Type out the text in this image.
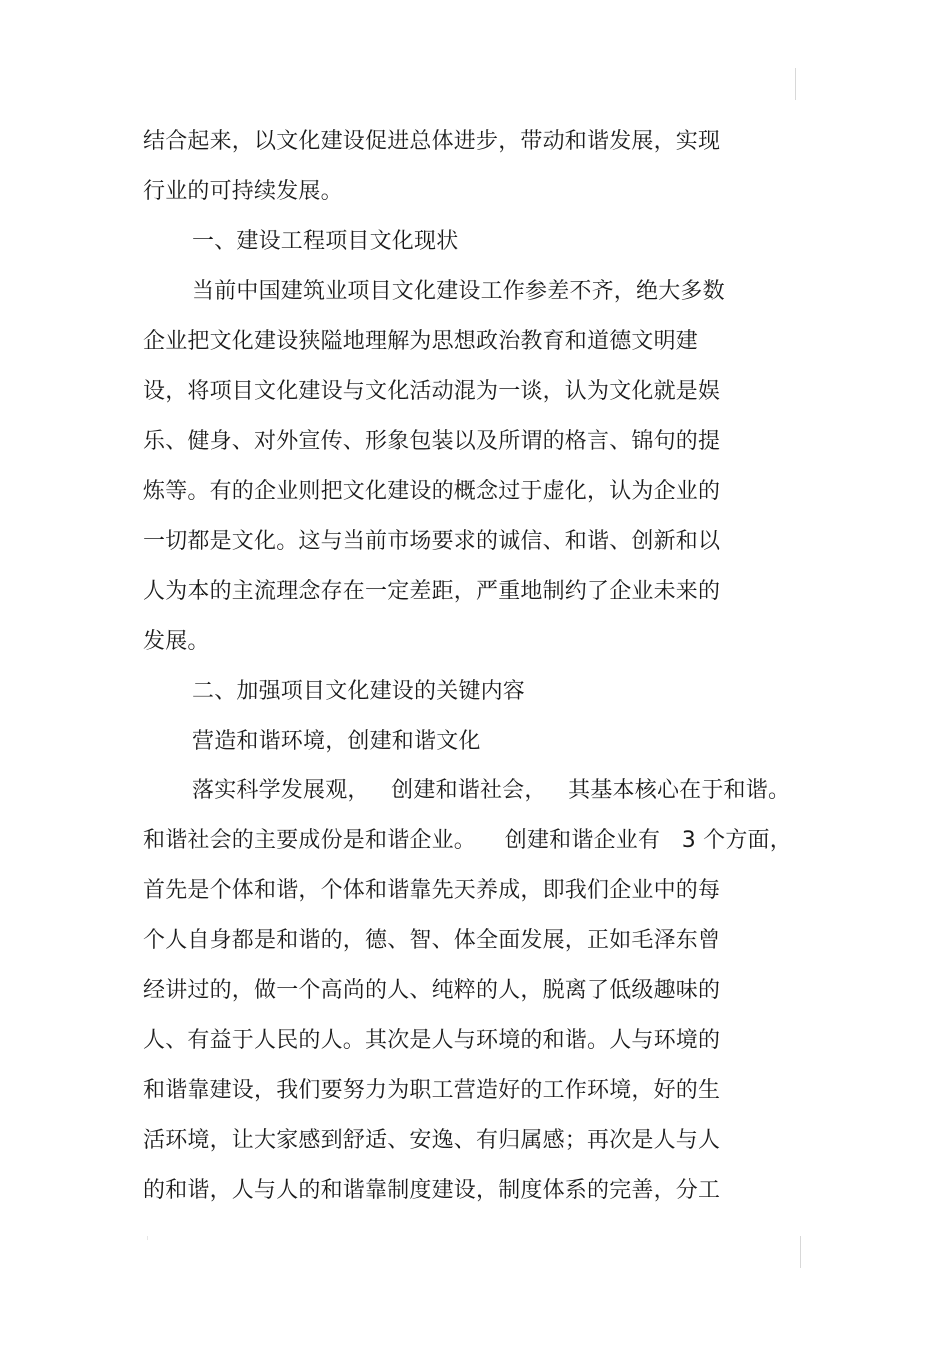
结合起来，以文化建设促进总体进步，带动和谐发展，实现
行业的可持续发展。
一、建设工程项目文化现状
当前中国建筑业项目文化建设工作参差不齐，绝大多数
企业把文化建设狭隘地理解为思想政治教育和道德文明建
设，将项目文化建设与文化活动混为一谈，认为文化就是娱
乐、健身、对外宣传、形象包装以及所谓的格言、锦句的提
炼等。有的企业则把文化建设的概念过于虚化，认为企业的
一切都是文化。这与当前市场要求的诚信、和谐、创新和以
人为本的主流理念存在一定差距，严重地制约了企业未来的
发展。
二、加强项目文化建设的关键内容
营造和谐环境，创建和谐文化
落实科学发展观，   创建和谐社会，   其基本核心在于和谐。
和谐社会的主要成份是和谐企业。    创建和谐企业有   3 个方面，
首先是个体和谐，个体和谐靠先天养成，即我们企业中的每
个人自身都是和谐的，德、智、体全面发展，正如毛泽东曾
经讲过的，做一个高尚的人、纯粹的人，脱离了低级趣味的
人、有益于人民的人。其次是人与环境的和谐。人与环境的
和谐靠建设，我们要努力为职工营造好的工作环境，好的生
活环境，让大家感到舒适、安逸、有归属感；再次是人与人
的和谐，人与人的和谐靠制度建设，制度体系的完善，分工
